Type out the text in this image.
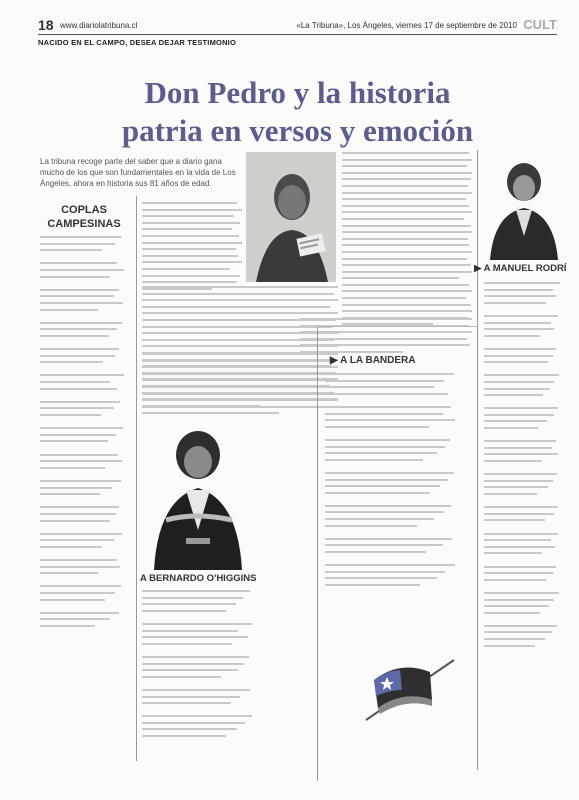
18 www.diariolatribuna.cl	«La Tribuna», Los Ángeles, viernes 17 de septiembre de 2010 CULT
NACIDO EN EL CAMPO, DESEA DEJAR TESTIMONIO
Don Pedro y la historia
patria en versos y emoción
La tribuna recoge parte del saber que a diario gana mucho de los que son fundamentales en la vida de Los Ángeles, ahora en historia sus 81 años de edad.
COPLAS
CAMPESINAS
A BERNARDO O'HIGGINS
▶ A LA BANDERA
▶ A MANUEL RODRÍ
